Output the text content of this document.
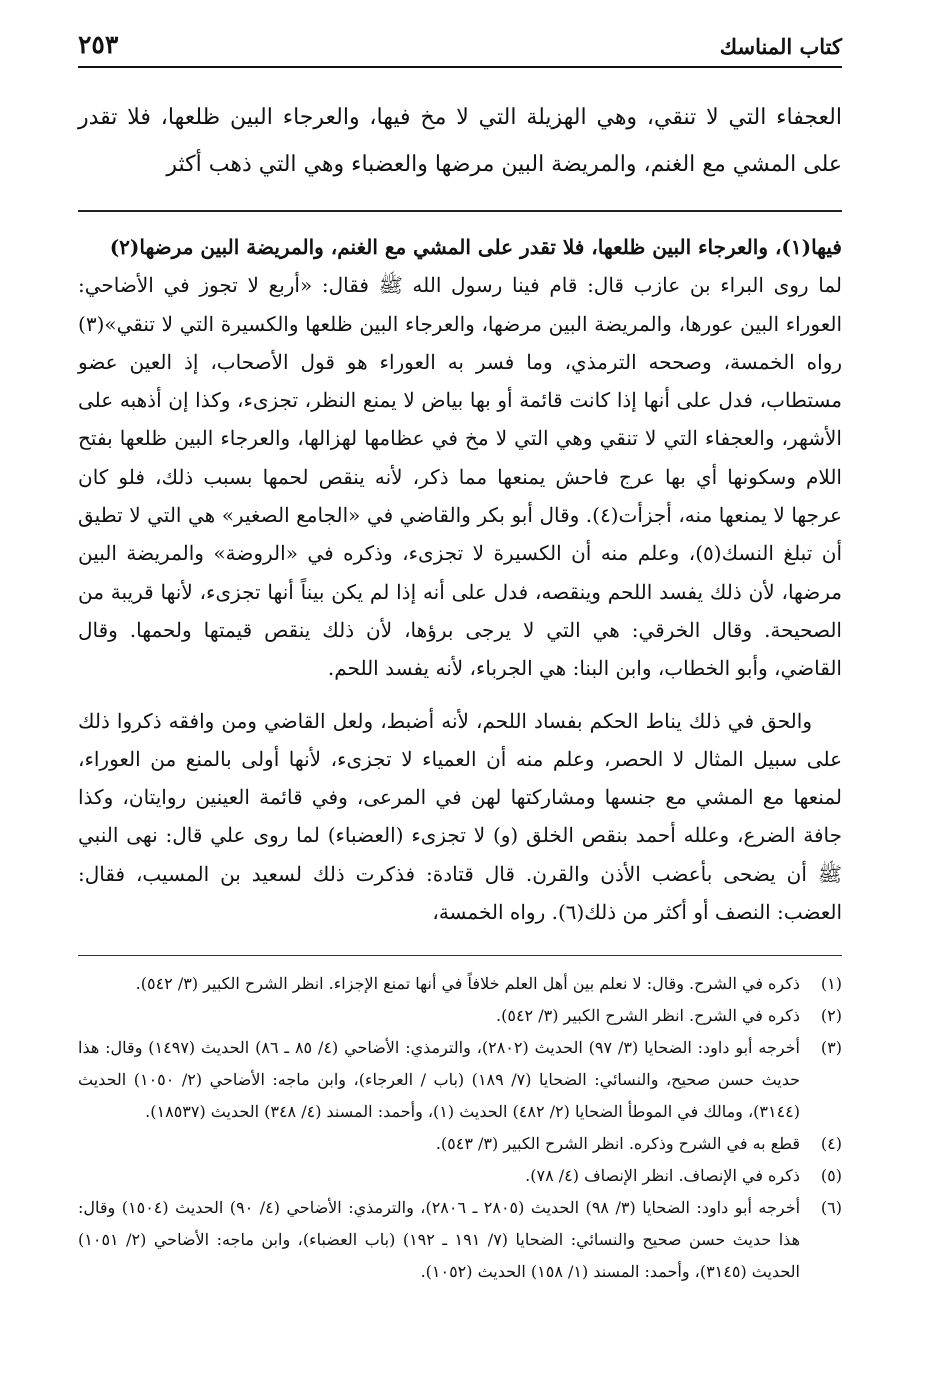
كتاب المناسك
٢٥٣
العجفاء التي لا تنقي، وهي الهزيلة التي لا مخ فيها، والعرجاء البين ظلعها، فلا تقدر على المشي مع الغنم، والمريضة البين مرضها والعضباء وهي التي ذهب أكثر

فيها(١)، والعرجاء البين ظلعها، فلا تقدر على المشي مع الغنم، والمريضة البين مرضها(٢)
لما روى البراء بن عازب قال: قام فينا رسول الله ﷺ فقال: «أربع لا تجوز في الأضاحي: العوراء البين عورها، والمريضة البين مرضها، والعرجاء البين ظلعها والكسيرة التي لا تنقي»(٣) رواه الخمسة، وصححه الترمذي، وما فسر به العوراء هو قول الأصحاب، إذ العين عضو مستطاب، فدل على أنها إذا كانت قائمة أو بها بياض لا يمنع النظر، تجزىء، وكذا إن أذهبه على الأشهر، والعجفاء التي لا تنقي وهي التي لا مخ في عظامها لهزالها، والعرجاء البين ظلعها بفتح اللام وسكونها أي بها عرج فاحش يمنعها مما ذكر، لأنه ينقص لحمها بسبب ذلك، فلو كان عرجها لا يمنعها منه، أجزأت(٤). وقال أبو بكر والقاضي في «الجامع الصغير» هي التي لا تطيق أن تبلغ النسك(٥)، وعلم منه أن الكسيرة لا تجزىء، وذكره في «الروضة» والمريضة البين مرضها، لأن ذلك يفسد اللحم وينقصه، فدل على أنه إذا لم يكن بيناً أنها تجزىء، لأنها قريبة من الصحيحة. وقال الخرقي: هي التي لا يرجى برؤها، لأن ذلك ينقص قيمتها ولحمها. وقال القاضي، وأبو الخطاب، وابن البنا: هي الجرباء، لأنه يفسد اللحم.

والحق في ذلك يناط الحكم بفساد اللحم، لأنه أضبط، ولعل القاضي ومن وافقه ذكروا ذلك على سبيل المثال لا الحصر، وعلم منه أن العمياء لا تجزىء، لأنها أولى بالمنع من العوراء، لمنعها مع المشي مع جنسها ومشاركتها لهن في المرعى، وفي قائمة العينين روايتان، وكذا جافة الضرع، وعلله أحمد بنقص الخلق (و) لا تجزىء (العضباء) لما روى علي قال: نهى النبي ﷺ أن يضحى بأعضب الأذن والقرن. قال قتادة: فذكرت ذلك لسعيد بن المسيب، فقال: العضب: النصف أو أكثر من ذلك(٦). رواه الخمسة،

(١)
ذكره في الشرح. وقال: لا نعلم بين أهل العلم خلافاً في أنها تمنع الإجزاء. انظر الشرح الكبير (٣/ ٥٤٢).
(٢)
ذكره في الشرح. انظر الشرح الكبير (٣/ ٥٤٢).
(٣)
أخرجه أبو داود: الضحايا (٣/ ٩٧) الحديث (٢٨٠٢)، والترمذي: الأضاحي (٤/ ٨٥ ـ ٨٦) الحديث (١٤٩٧) وقال: هذا حديث حسن صحيح، والنسائي: الضحايا (٧/ ١٨٩) (باب / العرجاء)، وابن ماجه: الأضاحي (٢/ ١٠٥٠) الحديث (٣١٤٤)، ومالك في الموطأ الضحايا (٢/ ٤٨٢) الحديث (١)، وأحمد: المسند (٤/ ٣٤٨) الحديث (١٨٥٣٧).
(٤)
قطع به في الشرح وذكره. انظر الشرح الكبير (٣/ ٥٤٣).
(٥)
ذكره في الإنصاف. انظر الإنصاف (٤/ ٧٨).
(٦)
أخرجه أبو داود: الضحايا (٣/ ٩٨) الحديث (٢٨٠٥ ـ ٢٨٠٦)، والترمذي: الأضاحي (٤/ ٩٠) الحديث (١٥٠٤) وقال: هذا حديث حسن صحيح والنسائي: الضحايا (٧/ ١٩١ ـ ١٩٢) (باب العضباء)، وابن ماجه: الأضاحي (٢/ ١٠٥١) الحديث (٣١٤٥)، وأحمد: المسند (١/ ١٥٨) الحديث (١٠٥٢).
